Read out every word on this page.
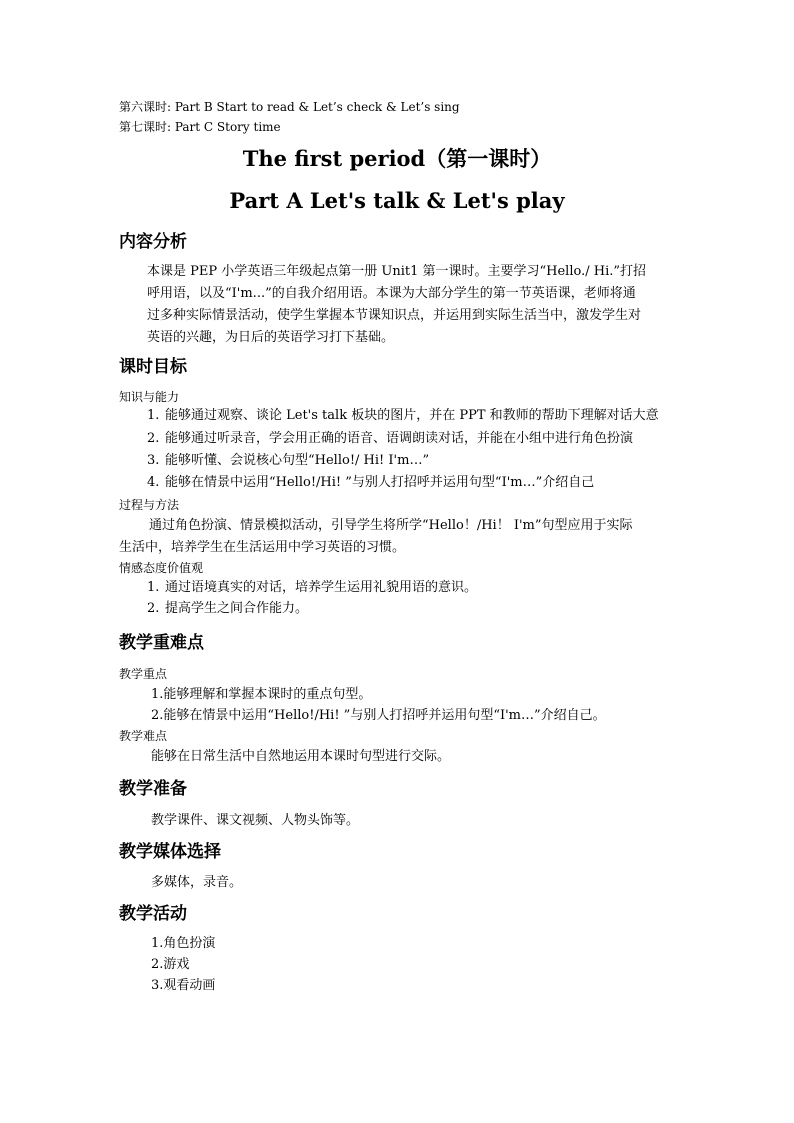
第六课时: Part B Start to read & Let’s check & Let’s sing
第七课时: Part C Story time
The first period（第一课时）
Part A Let's talk & Let's play
内容分析
本课是 PEP 小学英语三年级起点第一册 Unit1 第一课时。主要学习“Hello./ Hi.”打招
呼用语，以及“I'm...”的自我介绍用语。本课为大部分学生的第一节英语课，老师将通
过多种实际情景活动，使学生掌握本节课知识点，并运用到实际生活当中，激发学生对
英语的兴趣，为日后的英语学习打下基础。
课时目标
知识与能力
1. 能够通过观察、谈论 Let's talk 板块的图片，并在 PPT 和教师的帮助下理解对话大意
2. 能够通过听录音，学会用正确的语音、语调朗读对话，并能在小组中进行角色扮演
3. 能够听懂、会说核心句型“Hello!/ Hi! I'm…”
4. 能够在情景中运用“Hello!/Hi! ”与别人打招呼并运用句型“I'm…”介绍自己
过程与方法
通过角色扮演、情景模拟活动，引导学生将所学“Hello！/Hi！ I'm”句型应用于实际
生活中，培养学生在生活运用中学习英语的习惯。
情感态度价值观
1. 通过语境真实的对话，培养学生运用礼貌用语的意识。
2. 提高学生之间合作能力。
教学重难点
教学重点
1.能够理解和掌握本课时的重点句型。
2.能够在情景中运用“Hello!/Hi! ”与别人打招呼并运用句型“I'm…”介绍自己。
教学难点
能够在日常生活中自然地运用本课时句型进行交际。
教学准备
教学课件、课文视频、人物头饰等。
教学媒体选择
多媒体，录音。
教学活动
1.角色扮演
2.游戏
3.观看动画
